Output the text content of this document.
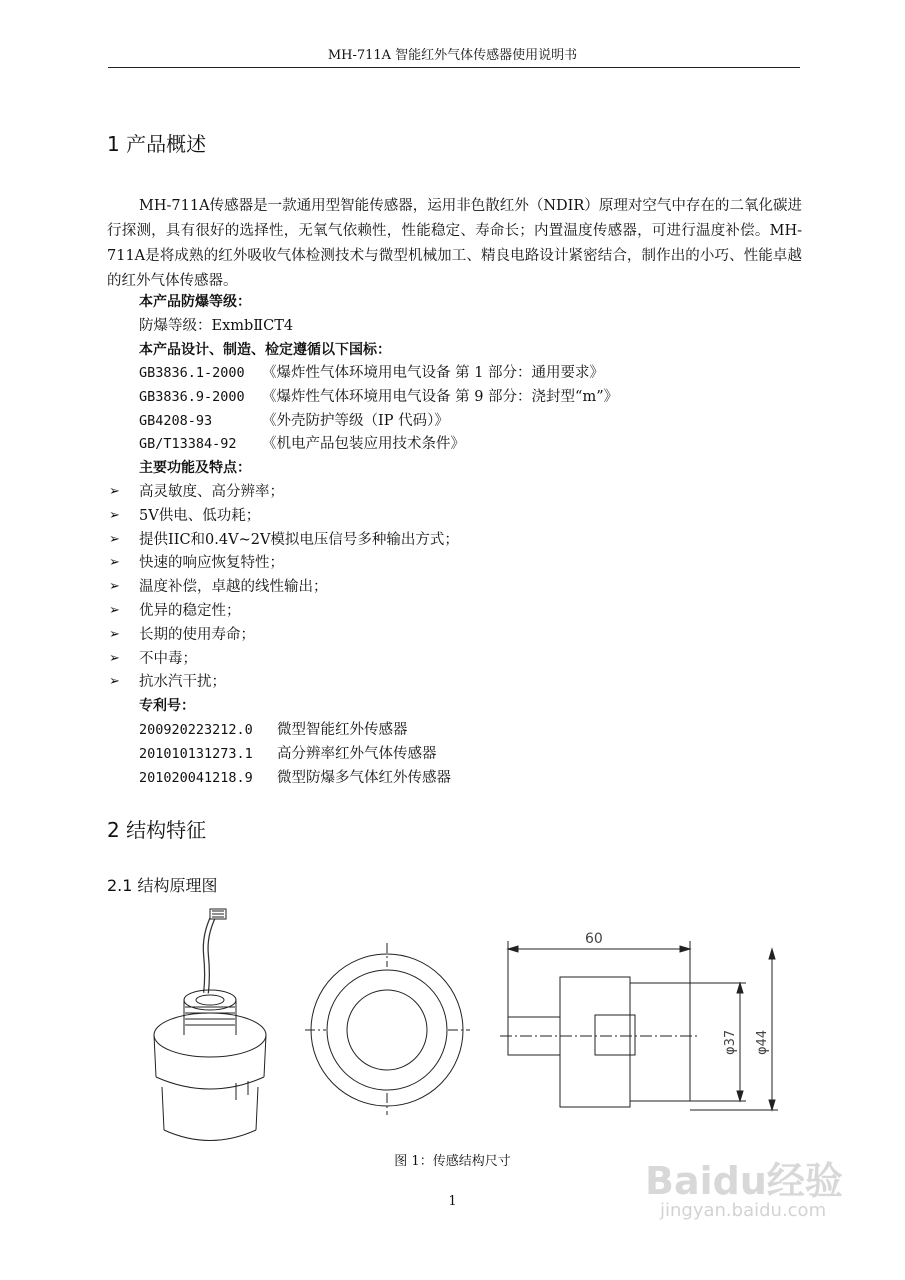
MH-711A 智能红外气体传感器使用说明书
1 产品概述
MH-711A传感器是一款通用型智能传感器，运用非色散红外（NDIR）原理对空气中存在的二氧化碳进行探测，具有很好的选择性，无氧气依赖性，性能稳定、寿命长；内置温度传感器，可进行温度补偿。MH-711A是将成熟的红外吸收气体检测技术与微型机械加工、精良电路设计紧密结合，制作出的小巧、性能卓越的红外气体传感器。
本产品防爆等级：
防爆等级：ExmbⅡCT4
本产品设计、制造、检定遵循以下国标：
GB3836.1-2000 《爆炸性气体环境用电气设备 第 1 部分：通用要求》
GB3836.9-2000 《爆炸性气体环境用电气设备 第 9 部分：浇封型“m”》
GB4208-93	《外壳防护等级（IP 代码）》
GB/T13384-92 《机电产品包装应用技术条件》
主要功能及特点：
➢ 高灵敏度、高分辨率；
➢ 5V供电、低功耗；
➢ 提供IIC和0.4V~2V模拟电压信号多种输出方式；
➢ 快速的响应恢复特性；
➢ 温度补偿，卓越的线性输出；
➢ 优异的稳定性；
➢ 长期的使用寿命；
➢ 不中毒；
➢ 抗水汽干扰；
专利号：
200920223212.0 微型智能红外传感器
201010131273.1 高分辨率红外气体传感器
201020041218.9 微型防爆多气体红外传感器
2 结构特征
2.1 结构原理图
60
φ37 φ44
图 1：传感结构尺寸
1	Baidu经验
jingyan.baidu.com
